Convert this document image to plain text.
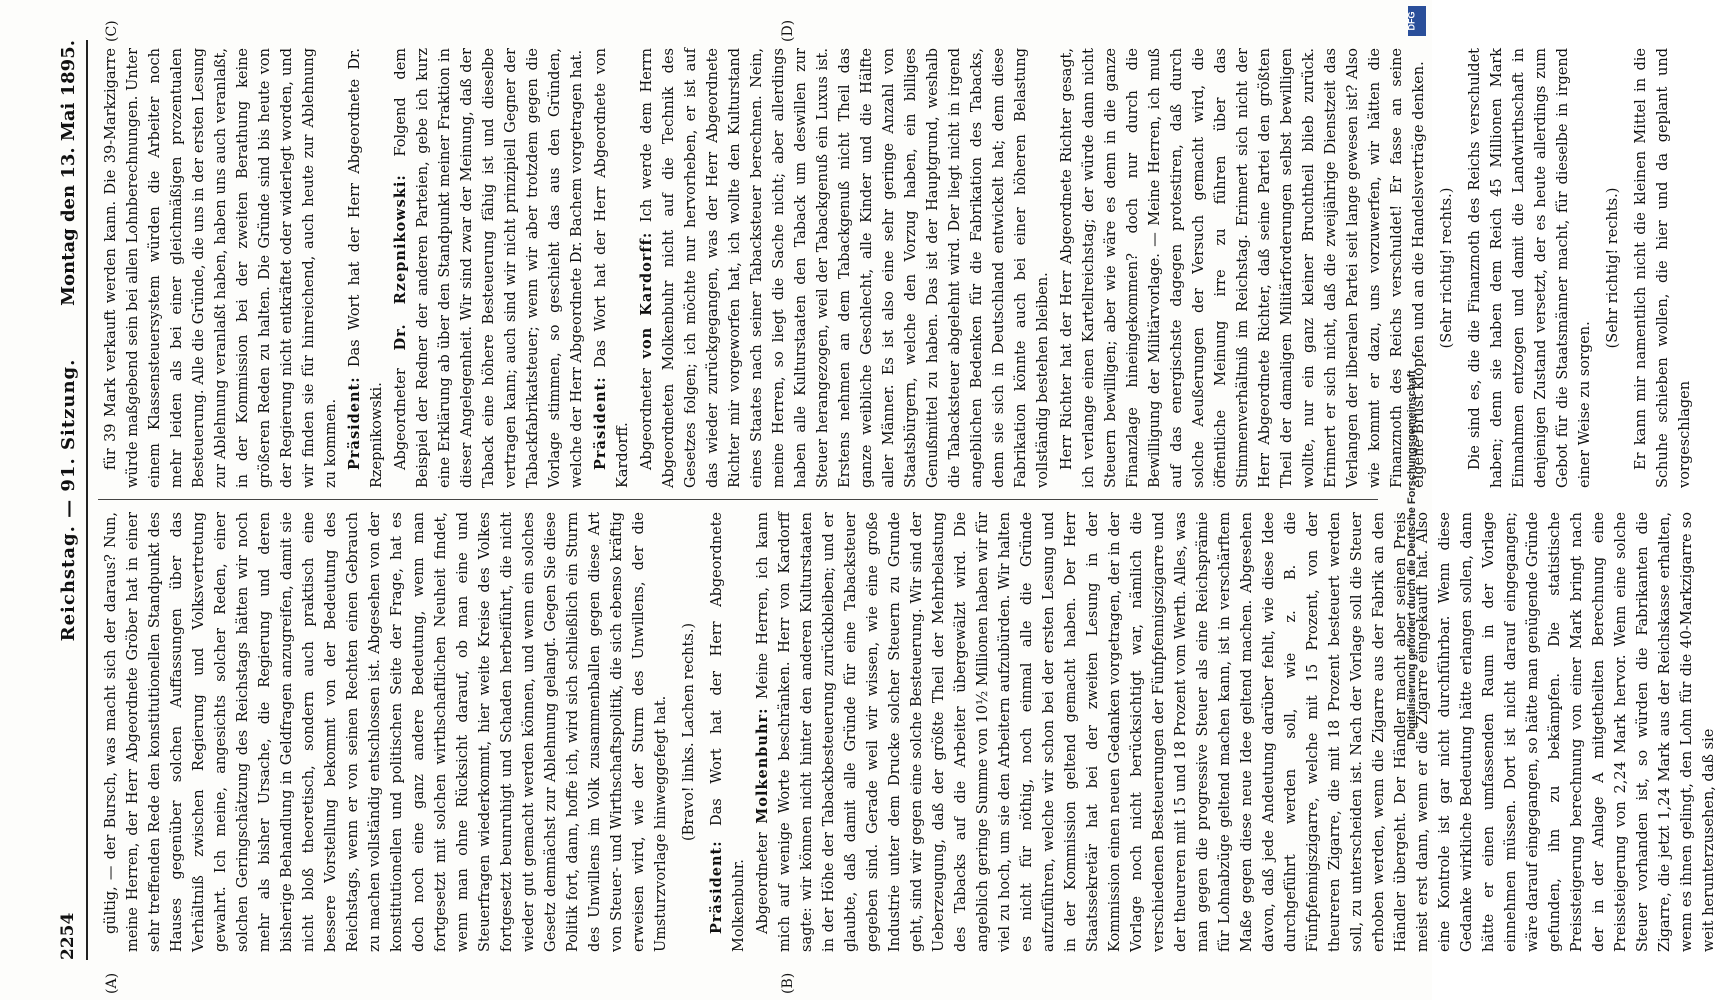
2254
Reichstag. — 91. Sitzung.
Montag den 13. Mai 1895.
(A)	(B)
(C)	(D)

gültig, — der Bursch, was macht sich der daraus? Nun, meine Herren, der Herr Abgeordnete Gröber hat in einer sehr treffenden Rede den konstitutionellen Standpunkt des Hauses gegenüber solchen Auffassungen über das Verhältniß zwischen Regierung und Volksvertretung gewahrt. Ich meine, angesichts solcher Reden, einer solchen Geringschätzung des Reichstags hätten wir noch mehr als bisher Ursache, die Regierung und deren bisherige Behandlung in Geldfragen anzugreifen, damit sie nicht bloß theoretisch, sondern auch praktisch eine bessere Vorstellung bekommt von der Bedeutung des Reichstags, wenn er von seinen Rechten einen Gebrauch zu machen vollständig entschlossen ist. Abgesehen von der konstitutionellen und politischen Seite der Frage, hat es doch noch eine ganz andere Bedeutung, wenn man fortgesetzt mit solchen wirthschaftlichen Neuheit findet, wenn man ohne Rücksicht darauf, ob man eine und Steuerfragen wiederkommt, hier weite Kreise des Volkes fortgesetzt beunruhigt und Schaden herbeiführt, die nicht wieder gut gemacht werden können, und wenn ein solches Gesetz demnächst zur Ablehnung gelangt. Gegen Sie diese Politik fort, dann, hoffe ich, wird sich schließlich ein Sturm des Unwillens im Volk zusammenballen gegen diese Art von Steuer- und Wirthschaftspolitik, die sich ebenso kräftig erweisen wird, wie der Sturm des Unwillens, der die Umsturzvorlage hinweggefegt hat. (Bravo! links. Lachen rechts.)

Präsident: Das Wort hat der Herr Abgeordnete Molkenbuhr. Abgeordneter Molkenbuhr: Meine Herren, ich kann mich auf wenige Worte beschränken. Herr von Kardorff sagte: wir können nicht hinter den anderen Kulturstaaten in der Höhe der Tabackbesteuerung zurückbleiben; und er glaubte, daß damit alle Gründe für eine Tabacksteuer gegeben sind. Gerade weil wir wissen, wie eine große Industrie unter dem Drucke solcher Steuern zu Grunde geht, sind wir gegen eine solche Besteuerung. Wir sind der Ueberzeugung, daß der größte Theil der Mehrbelastung des Tabacks auf die Arbeiter übergewälzt wird. Die angeblich geringe Summe von 10½ Millionen haben wir für viel zu hoch, um sie den Arbeitern aufzubürden. Wir halten es nicht für nöthig, noch einmal alle die Gründe aufzuführen, welche wir schon bei der ersten Lesung und in der Kommission geltend gemacht haben. Der Herr Staatssekretär hat bei der zweiten Lesung in der Kommission einen neuen Gedanken vorgetragen, der in der Vorlage noch nicht berücksichtigt war, nämlich die verschiedenen Besteuerungen der Fünfpfennigszigarre und der theureren mit 15 und 18 Prozent vom Werth. Alles, was man gegen die progressive Steuer als eine Reichsprämie für Lohnabzüge geltend machen kann, ist in verschärftem Maße gegen diese neue Idee geltend machen. Abgesehen davon, daß jede Andeutung darüber fehlt, wie diese Idee durchgeführt werden soll, wie z. B. die Fünfpfennigszigarre, welche mit 15 Prozent, von der theureren Zigarre, die mit 18 Prozent besteuert werden soll, zu unterscheiden ist. Nach der Vorlage soll die Steuer erhoben werden, wenn die Zigarre aus der Fabrik an den Händler übergeht. Der Händler macht aber seinen Preis meist erst dann, wenn er die Zigarre eingekauft hat. Also eine Kontrole ist gar nicht durchführbar. Wenn diese Gedanke wirkliche Bedeutung hätte erlangen sollen, dann hätte er einen umfassenden Raum in der Vorlage einnehmen müssen. Dort ist nicht darauf eingegangen; wäre darauf eingegangen, so hätte man genügende Gründe gefunden, ihn zu bekämpfen. Die statistische Preissteigerung berechnung von einer Mark bringt nach der in der Anlage A mitgetheilten Berechnung eine Preissteigerung von 2,24 Mark hervor. Wenn eine solche Steuer vorhanden ist, so würden die Fabrikanten die Zigarre, die jetzt 1,24 Mark aus der Reichskasse erhalten, wenn es ihnen gelingt, den Lohn für die 40-Markzigarre so weit herunterzusehen, daß sie

für 39 Mark verkauft werden kann. Die 39-Markzigarre würde maßgebend sein bei allen Lohnberechnungen. Unter einem Klassensteuersystem würden die Arbeiter noch mehr leiden als bei einer gleichmäßigen prozentualen Besteuerung. Alle die Gründe, die uns in der ersten Lesung zur Ablehnung veranlaßt haben, haben uns auch veranlaßt, in der Kommission bei der zweiten Berathung keine größeren Reden zu halten. Die Gründe sind bis heute von der Regierung nicht entkräftet oder widerlegt worden, und wir finden sie für hinreichend, auch heute zur Ablehnung zu kommen. Präsident: Das Wort hat der Herr Abgeordnete Dr. Rzepnikowski. Abgeordneter Dr. Rzepnikowski: Folgend dem Beispiel der Redner der anderen Parteien, gebe ich kurz eine Erklärung ab über den Standpunkt meiner Fraktion in dieser Angelegenheit. Wir sind zwar der Meinung, daß der Taback eine höhere Besteuerung fähig ist und dieselbe vertragen kann; auch sind wir nicht prinzipiell Gegner der Tabackfabrikatsteuer; wenn wir aber trotzdem gegen die Vorlage stimmen, so geschieht das aus den Gründen, welche der Herr Abgeordnete Dr. Bachem vorgetragen hat. Präsident: Das Wort hat der Herr Abgeordnete von Kardorff. Abgeordneter von Kardorff: Ich werde dem Herrn Abgeordneten Molkenbuhr nicht auf die Technik des Gesetzes folgen; ich möchte nur hervorheben, er ist auf das wieder zurückgegangen, was der Herr Abgeordnete Richter mir vorgeworfen hat, ich wollte den Kulturstand eines Staates nach seiner Tabacksteuer berechnen. Nein, meine Herren, so liegt die Sache nicht; aber allerdings haben alle Kulturstaaten den Taback um deswillen zur Steuer herangezogen, weil der Tabackgenuß ein Luxus ist. Erstens nehmen an dem Tabackgenuß nicht Theil das ganze weibliche Geschlecht, alle Kinder und die Hälfte aller Männer. Es ist also eine sehr geringe Anzahl von Staatsbürgern, welche den Vorzug haben, ein billiges Genußmittel zu haben. Das ist der Hauptgrund, weshalb die Tabacksteuer abgelehnt wird. Der liegt nicht in irgend angeblichen Bedenken für die Fabrikation des Tabacks, denn sie sich in Deutschland entwickelt hat; denn diese Fabrikation könnte auch bei einer höheren Belastung vollständig bestehen bleiben. Herr Richter hat der Herr Abgeordnete Richter gesagt, ich verlange einen Kartellreichstag; der würde dann nicht Steuern bewilligen; aber wie wäre es denn in die ganze Finanzlage hineingekommen? doch nur durch die Bewilligung der Militärvorlage. — Meine Herren, ich muß auf das energischste dagegen protestiren, daß durch solche Aeußerungen der Versuch gemacht wird, die öffentliche Meinung irre zu führen über das Stimmenverhältniß im Reichstag. Erinnert sich nicht der Herr Abgeordnete Richter, daß seine Partei den größten Theil der damaligen Militärforderungen selbst bewilligen wollte, nur ein ganz kleiner Bruchtheil blieb zurück. Erinnert er sich nicht, daß die zweijährige Dienstzeit das Verlangen der liberalen Partei seit lange gewesen ist? Also wie kommt er dazu, uns vorzuwerfen, wir hätten die Finanznoth des Reichs verschuldet! Er fasse an seine eigene Brust klopfen und an die Handelsverträge denken. (Sehr richtig! rechts.) Die sind es, die die Finanznoth des Reichs verschuldet haben; denn sie haben dem Reich 45 Millionen Mark Einnahmen entzogen und damit die Landwirthschaft in denjenigen Zustand versetzt, der es heute allerdings zum Gebot für die Staatsmänner macht, für dieselbe in irgend einer Weise zu sorgen.

(Sehr richtig! rechts.) Er kann mir namentlich nicht die kleinen Mittel in die Schuhe schieben wollen, die hier und da geplant und vorgeschlagen

Digitalisierung gefördert durch die Deutsche Forschungsgemeinschaft
DFG
